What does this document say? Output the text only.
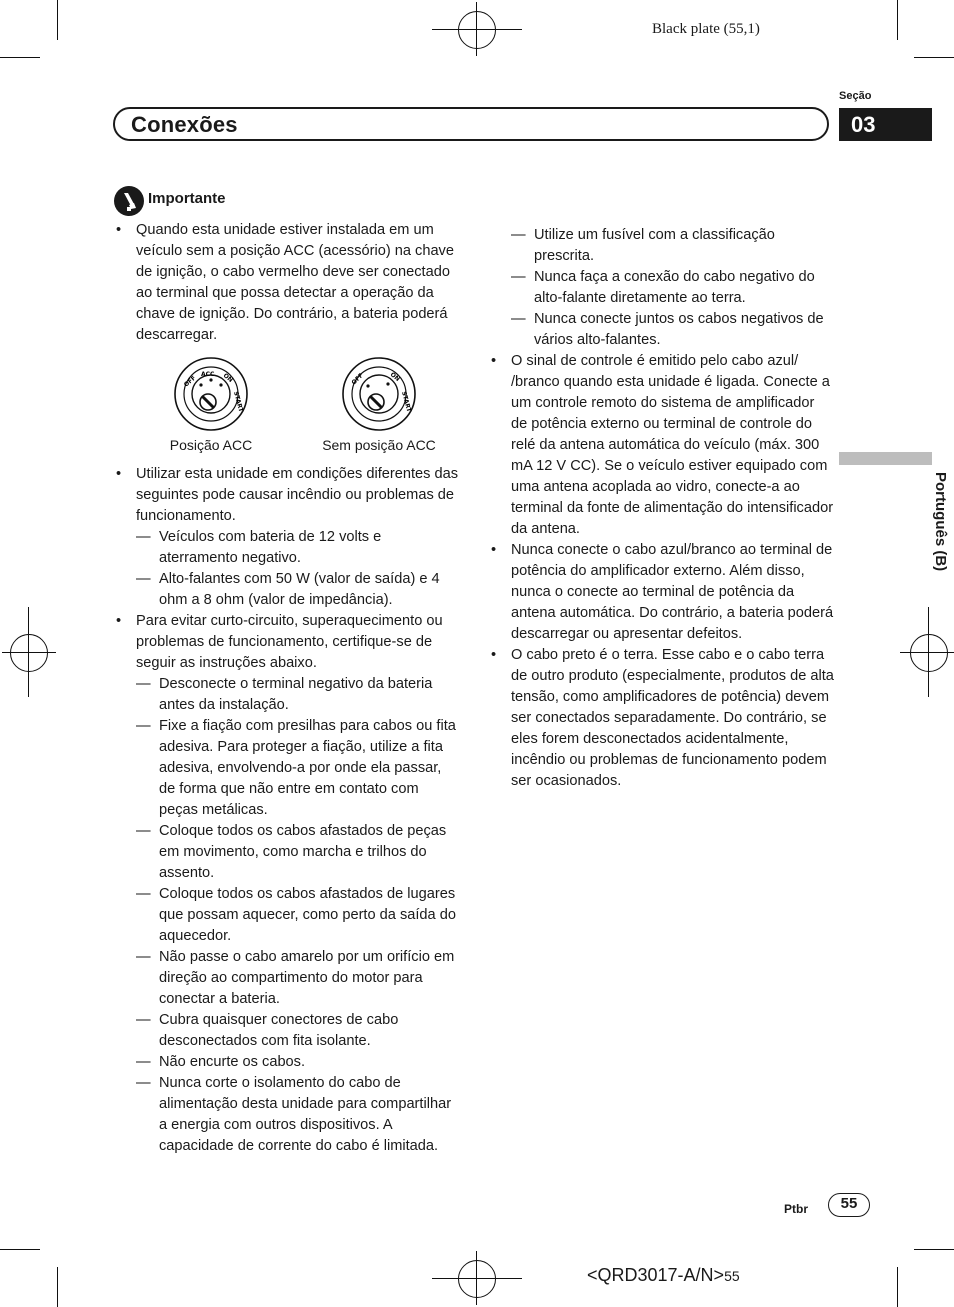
Black plate (55,1)
Seção
03
Conexões
Português (B)
Importante
• Quando esta unidade estiver instalada em um veículo sem a posição ACC (acessório) na chave de ignição, o cabo vermelho deve ser conectado ao terminal que possa detectar a operação da chave de ignição. Do contrário, a bateria poderá descarregar.
OFF
ACC ON
START
OFF	ON
START
Posição ACC	Sem posição ACC
• Utilizar esta unidade em condições diferentes das seguintes pode causar incêndio ou problemas de funcionamento.
— Veículos com bateria de 12 volts e aterramento negativo.
— Alto-falantes com 50 W (valor de saída) e 4 ohm a 8 ohm (valor de impedância).
• Para evitar curto-circuito, superaquecimento ou problemas de funcionamento, certifique-se de seguir as instruções abaixo.
— Desconecte o terminal negativo da bateria antes da instalação.
— Fixe a fiação com presilhas para cabos ou fita adesiva. Para proteger a fiação, utilize a fita adesiva, envolvendo-a por onde ela passar, de forma que não entre em contato com peças metálicas.
— Coloque todos os cabos afastados de peças em movimento, como marcha e trilhos do assento.
— Coloque todos os cabos afastados de lugares que possam aquecer, como perto da saída do aquecedor.
— Não passe o cabo amarelo por um orifício em direção ao compartimento do motor para conectar a bateria.
— Cubra quaisquer conectores de cabo desconectados com fita isolante.
— Não encurte os cabos.
— Nunca corte o isolamento do cabo de alimentação desta unidade para compartilhar a energia com outros dispositivos. A capacidade de corrente do cabo é limitada.
— Utilize um fusível com a classificação prescrita.
— Nunca faça a conexão do cabo negativo do alto-falante diretamente ao terra.
— Nunca conecte juntos os cabos negativos de vários alto-falantes.
• O sinal de controle é emitido pelo cabo azul/ /branco quando esta unidade é ligada. Conecte a um controle remoto do sistema de amplificador de potência externo ou terminal de controle do relé da antena automática do veículo (máx. 300 mA 12 V CC). Se o veículo estiver equipado com uma antena acoplada ao vidro, conecte-a ao terminal da fonte de alimentação do intensificador da antena.
• Nunca conecte o cabo azul/branco ao terminal de potência do amplificador externo. Além disso, nunca o conecte ao terminal de potência da antena automática. Do contrário, a bateria poderá descarregar ou apresentar defeitos.
• O cabo preto é o terra. Esse cabo e o cabo terra de outro produto (especialmente, produtos de alta tensão, como amplificadores de potência) devem ser conectados separadamente. Do contrário, se eles forem desconectados acidentalmente, incêndio ou problemas de funcionamento podem ser ocasionados.
Ptbr	55
<QRD3017-A/N>55
